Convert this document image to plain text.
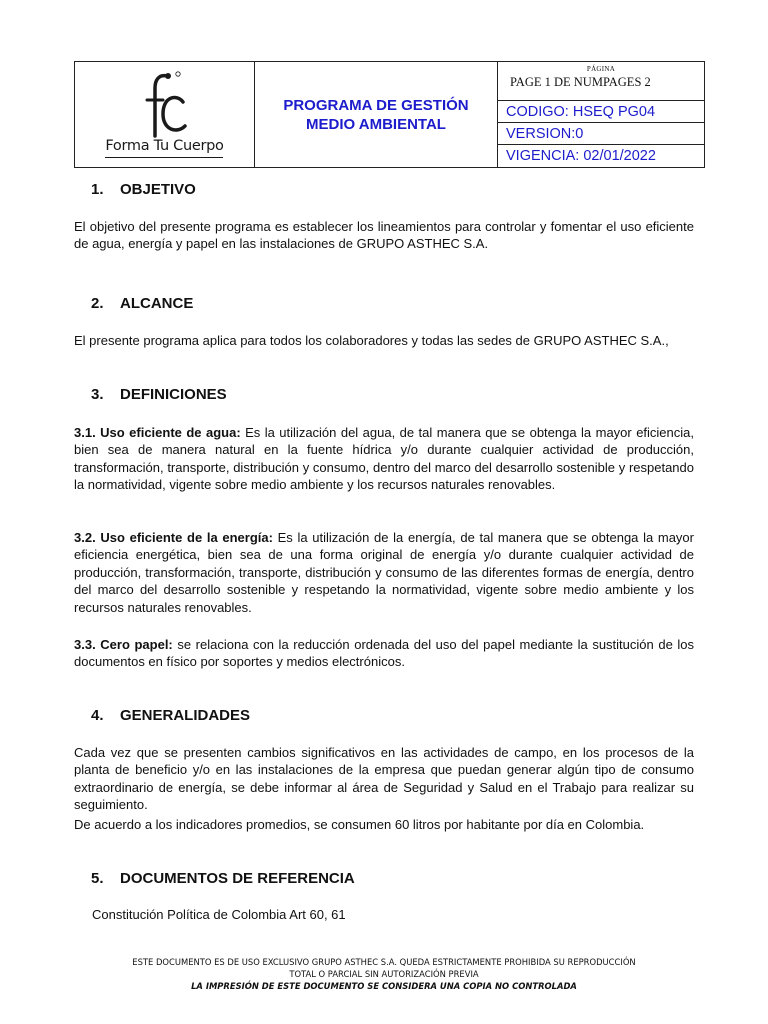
Forma Tu Cuerpo
PROGRAMA DE GESTIÓN
MEDIO AMBIENTAL
PÁGINA
PAGE 1 DE NUMPAGES 2
CODIGO: HSEQ PG04
VERSION:0
VIGENCIA: 02/01/2022
1. OBJETIVO
El objetivo del presente programa es establecer los lineamientos para controlar y fomentar el uso eficiente de agua, energía y papel en las instalaciones de GRUPO ASTHEC S.A.
2. ALCANCE
El presente programa aplica para todos los colaboradores y todas las sedes de GRUPO ASTHEC S.A.,
3. DEFINICIONES
3.1. Uso eficiente de agua: Es la utilización del agua, de tal manera que se obtenga la mayor eficiencia, bien sea de manera natural en la fuente hídrica y/o durante cualquier actividad de producción, transformación, transporte, distribución y consumo, dentro del marco del desarrollo sostenible y respetando la normatividad, vigente sobre medio ambiente y los recursos naturales renovables.
3.2. Uso eficiente de la energía: Es la utilización de la energía, de tal manera que se obtenga la mayor eficiencia energética, bien sea de una forma original de energía y/o durante cualquier actividad de producción, transformación, transporte, distribución y consumo de las diferentes formas de energía, dentro del marco del desarrollo sostenible y respetando la normatividad, vigente sobre medio ambiente y los recursos naturales renovables.
3.3. Cero papel: se relaciona con la reducción ordenada del uso del papel mediante la sustitución de los documentos en físico por soportes y medios electrónicos.
4. GENERALIDADES
Cada vez que se presenten cambios significativos en las actividades de campo, en los procesos de la planta de beneficio y/o en las instalaciones de la empresa que puedan generar algún tipo de consumo extraordinario de energía, se debe informar al área de Seguridad y Salud en el Trabajo para realizar su seguimiento.
De acuerdo a los indicadores promedios, se consumen 60 litros por habitante por día en Colombia.
5. DOCUMENTOS DE REFERENCIA
Constitución Política de Colombia Art 60, 61
ESTE DOCUMENTO ES DE USO EXCLUSIVO GRUPO ASTHEC S.A. QUEDA ESTRICTAMENTE PROHIBIDA SU REPRODUCCIÓN
TOTAL O PARCIAL SIN AUTORIZACIÓN PREVIA
LA IMPRESIÓN DE ESTE DOCUMENTO SE CONSIDERA UNA COPIA NO CONTROLADA
